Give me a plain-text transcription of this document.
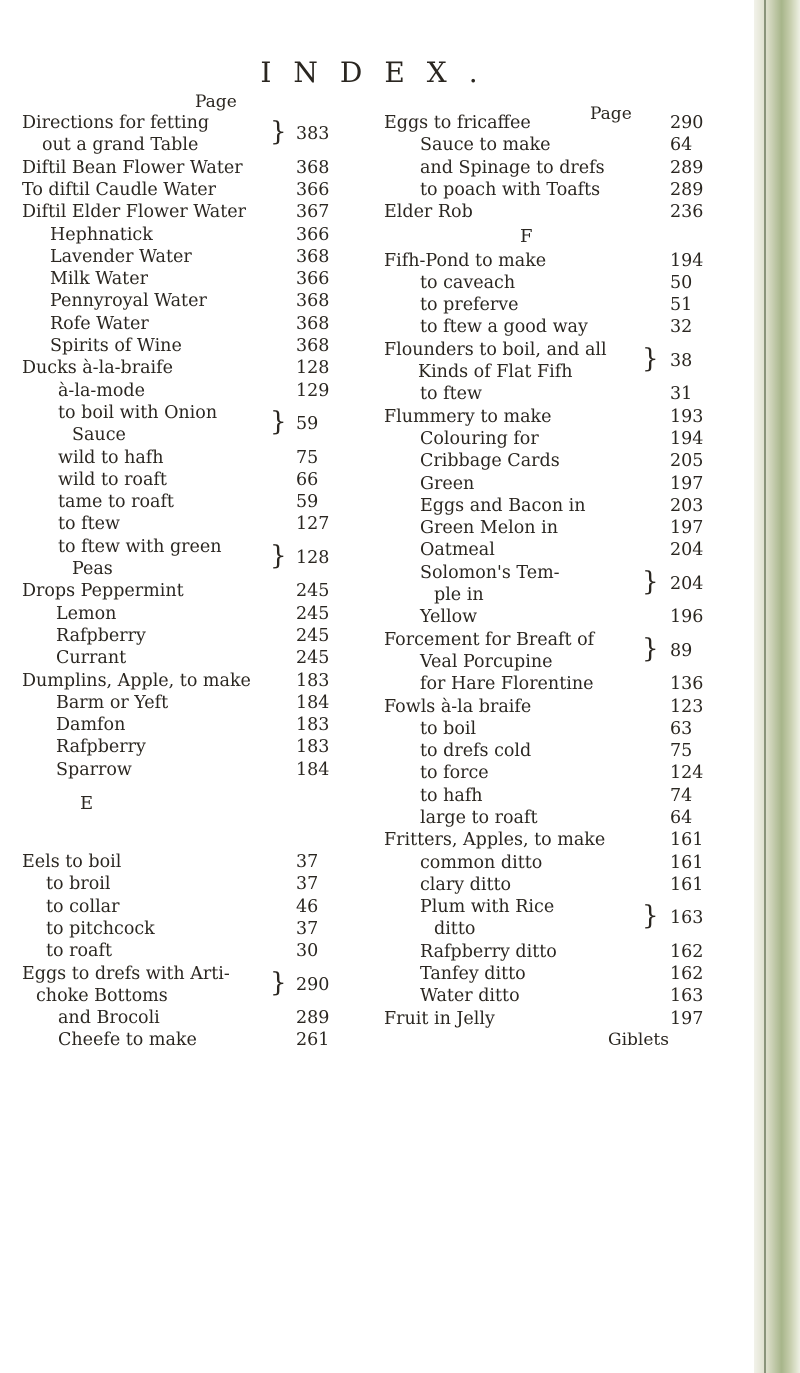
INDEX.
Page
Page
Directions for fetting
out a grand Table	} 383
Diftil Bean Flower Water	368
To diftil Caudle Water	366
Diftil Elder Flower Water	367
Hephnatick	366
Lavender Water	368
Milk Water	366
Pennyroyal Water	368
Rofe Water	368
Spirits of Wine	368
Ducks à-la-braife	128
à-la-mode	129
to boil with Onion
Sauce	} 59
wild to hafh	75
wild to roaft	66
tame to roaft	59
to ftew	127
to ftew with green
Peas	} 128
Drops Peppermint	245
Lemon	245
Rafpberry	245
Currant	245
Dumplins, Apple, to make	183
Barm or Yeft	184
Damfon	183
Rafpberry	183
Sparrow	184
E
Eels to boil	37
to broil	37
to collar	46
to pitchcock	37
to roaft	30
Eggs to drefs with Arti-
choke Bottoms	} 290
and Brocoli	289
Cheefe to make	261
Eggs to fricaffee	290
Sauce to make	64
and Spinage to drefs	289
to poach with Toafts	289
Elder Rob	236
F
Fifh-Pond to make	194
to caveach	50
to preferve	51
to ftew a good way	32
Flounders to boil, and all
Kinds of Flat Fifh	} 38
to ftew	31
Flummery to make	193
Colouring for	194
Cribbage Cards	205
Green	197
Eggs and Bacon in	203
Green Melon in	197
Oatmeal	204
Solomon's Tem-
ple in	} 204
Yellow	196
Forcement for Breaft of
Veal Porcupine	} 89
for Hare Florentine	136
Fowls à-la braife	123
to boil	63
to drefs cold	75
to force	124
to hafh	74
large to roaft	64
Fritters, Apples, to make	161
common ditto	161
clary ditto	161
Plum with Rice
ditto	} 163
Rafpberry ditto	162
Tanfey ditto	162
Water ditto	163
Fruit in Jelly	197
Giblets
